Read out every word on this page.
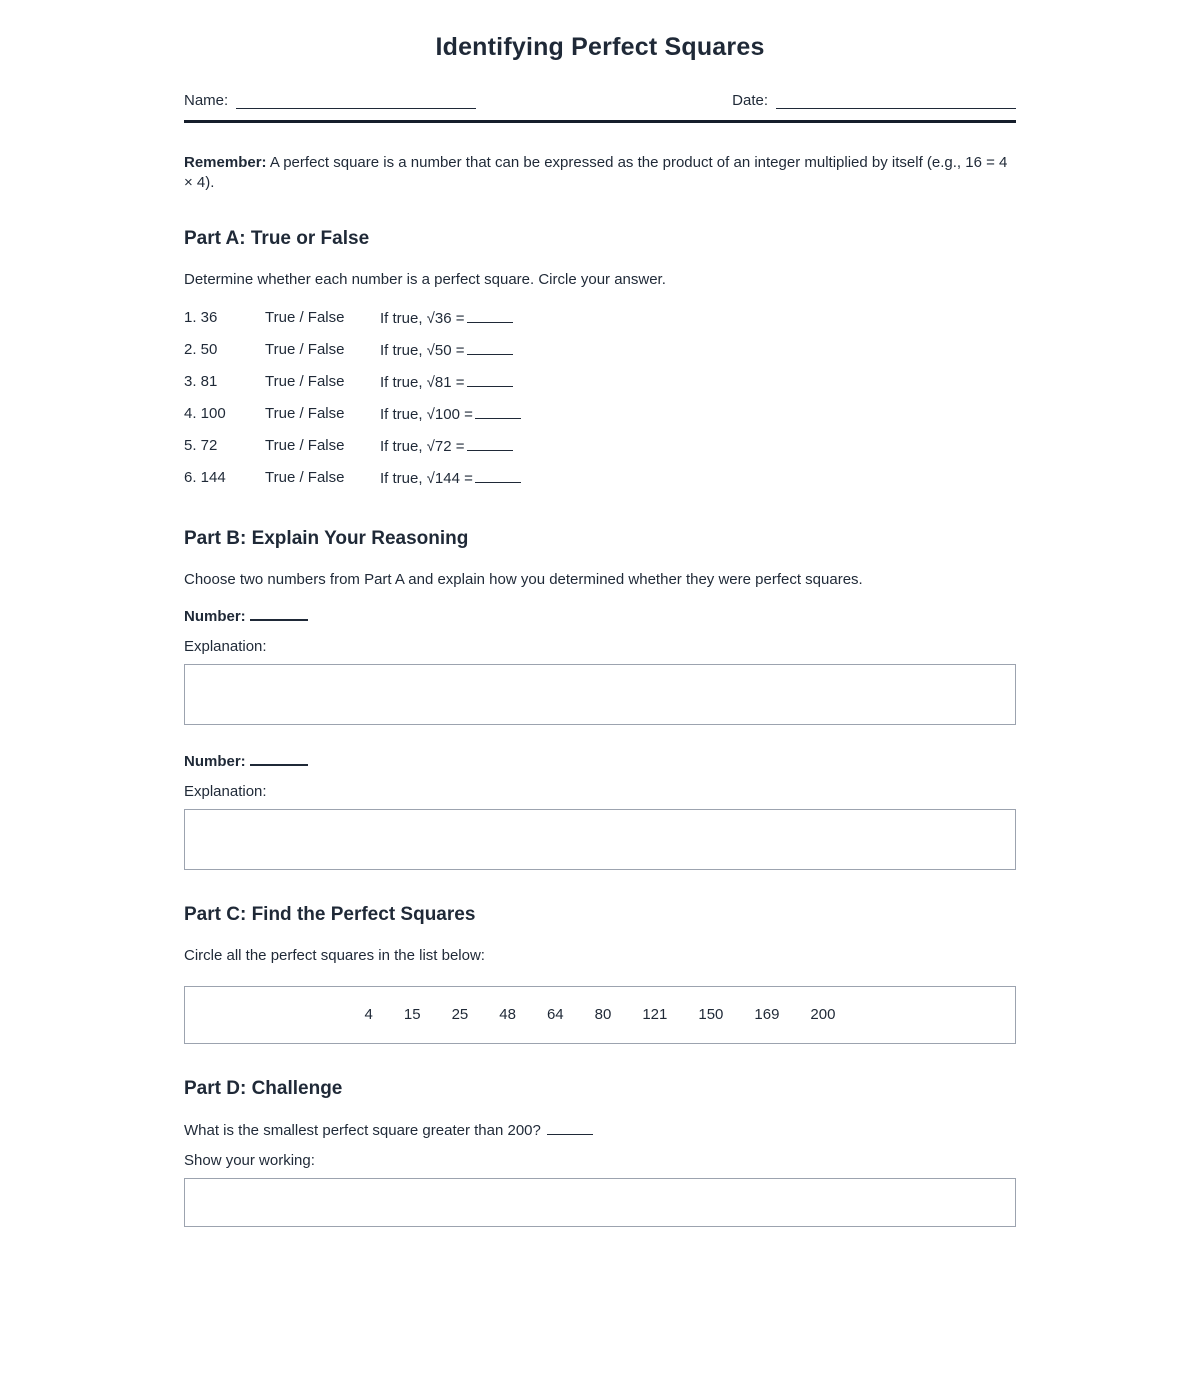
Identifying Perfect Squares
Name:	Date:

Remember: A perfect square is a number that can be expressed as the product of an integer multiplied by itself (e.g., 16 = 4 × 4).

Part A: True or False
Determine whether each number is a perfect square. Circle your answer.
1. 36	True / False	If true, √36 =
2. 50	True / False	If true, √50 =
3. 81	True / False	If true, √81 =
4. 100	True / False	If true, √100 =
5. 72	True / False	If true, √72 =
6. 144	True / False	If true, √144 =
Part B: Explain Your Reasoning
Choose two numbers from Part A and explain how you determined whether they were perfect squares.
Number:
Explanation:
Number:
Explanation:
Part C: Find the Perfect Squares
Circle all the perfect squares in the list below:
4 15 25 48 64 80 121 150 169 200
Part D: Challenge
What is the smallest perfect square greater than 200?
Show your working:
